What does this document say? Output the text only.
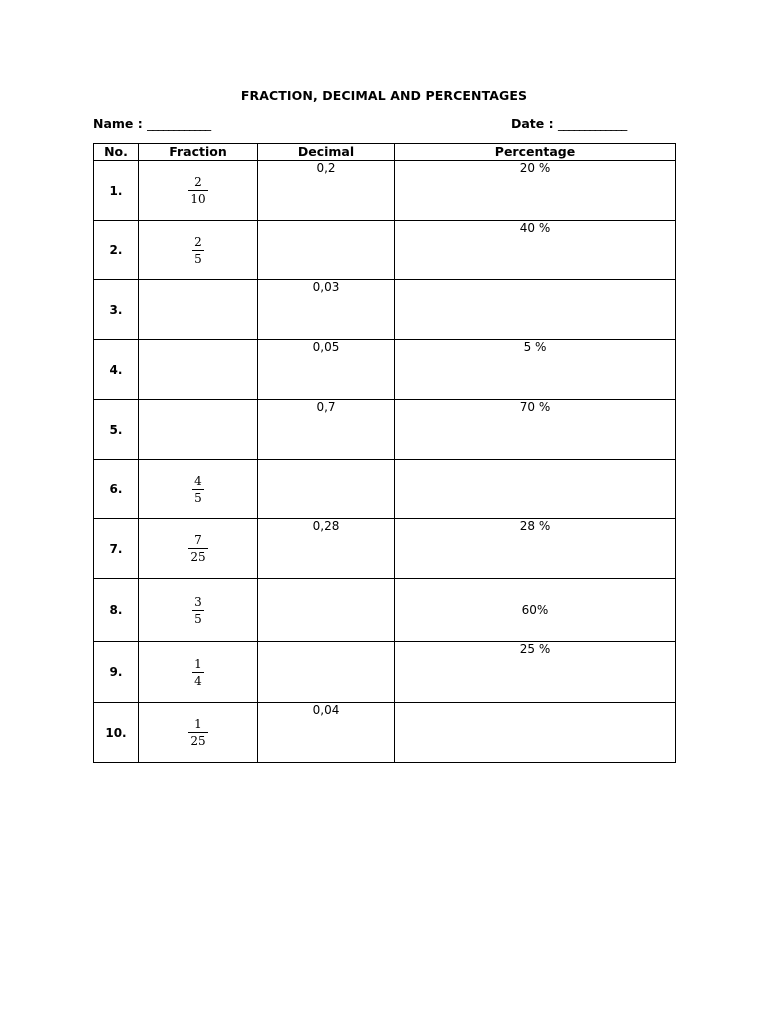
FRACTION, DECIMAL AND PERCENTAGES
Name : ____________	Date : _____________
No.	Fraction	Decimal	Percentage
1.	$\frac{2}{10}$	0,2	20 %
2.	$\frac{2}{5}$		40 %
3.		0,03	
4.		0,05	5 %
5.		0,7	70 %
6.	$\frac{4}{5}$

7.	$\frac{7}{25}$	0,28	28 %
8.	$\frac{3}{5}$		60%
9.	$\frac{1}{4}$		25 %
10.	$\frac{1}{25}$	0,04	
